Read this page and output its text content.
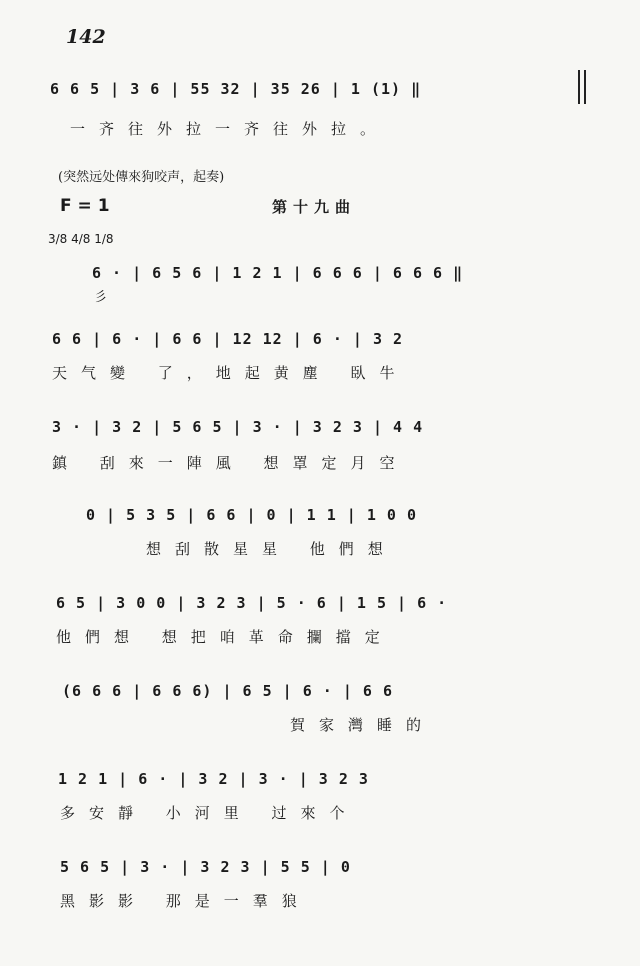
142
6 6 5 | 3 6 | 55 32 | 35 26 | 1 (1) ‖
一齐往外拉一齐往外拉。
(突然远处傳來狗咬声，起奏)
F = 1	第十九曲
3/8 4/8 1/8
6 · | 6 5 6 | 1 2 1 | 6 6 6 | 6 6 6 ‖
彡
6 6 | 6 · | 6 6 | 12 12 | 6 · | 3 2
天气變 了，地起黄塵 臥牛
3 · | 3 2 | 5 6 5 | 3 · | 3 2 3 | 4 4
鎮 刮來一陣風 想罩定月空
0 | 5 3 5 | 6 6 | 0 | 1 1 | 1 0 0
想刮散星星 他們想
6 5 | 3 0 0 | 3 2 3 | 5 · 6 | 1 5 | 6 ·
他們想 想把咱革命攔擋定
(6 6 6 | 6 6 6) | 6 5 | 6 · | 6 6
賀家灣睡的
1 2 1 | 6 · | 3 2 | 3 · | 3 2 3
多安靜 小河里 过來个
5 6 5 | 3 · | 3 2 3 | 5 5 | 0
黑影影 那是一羣狼
